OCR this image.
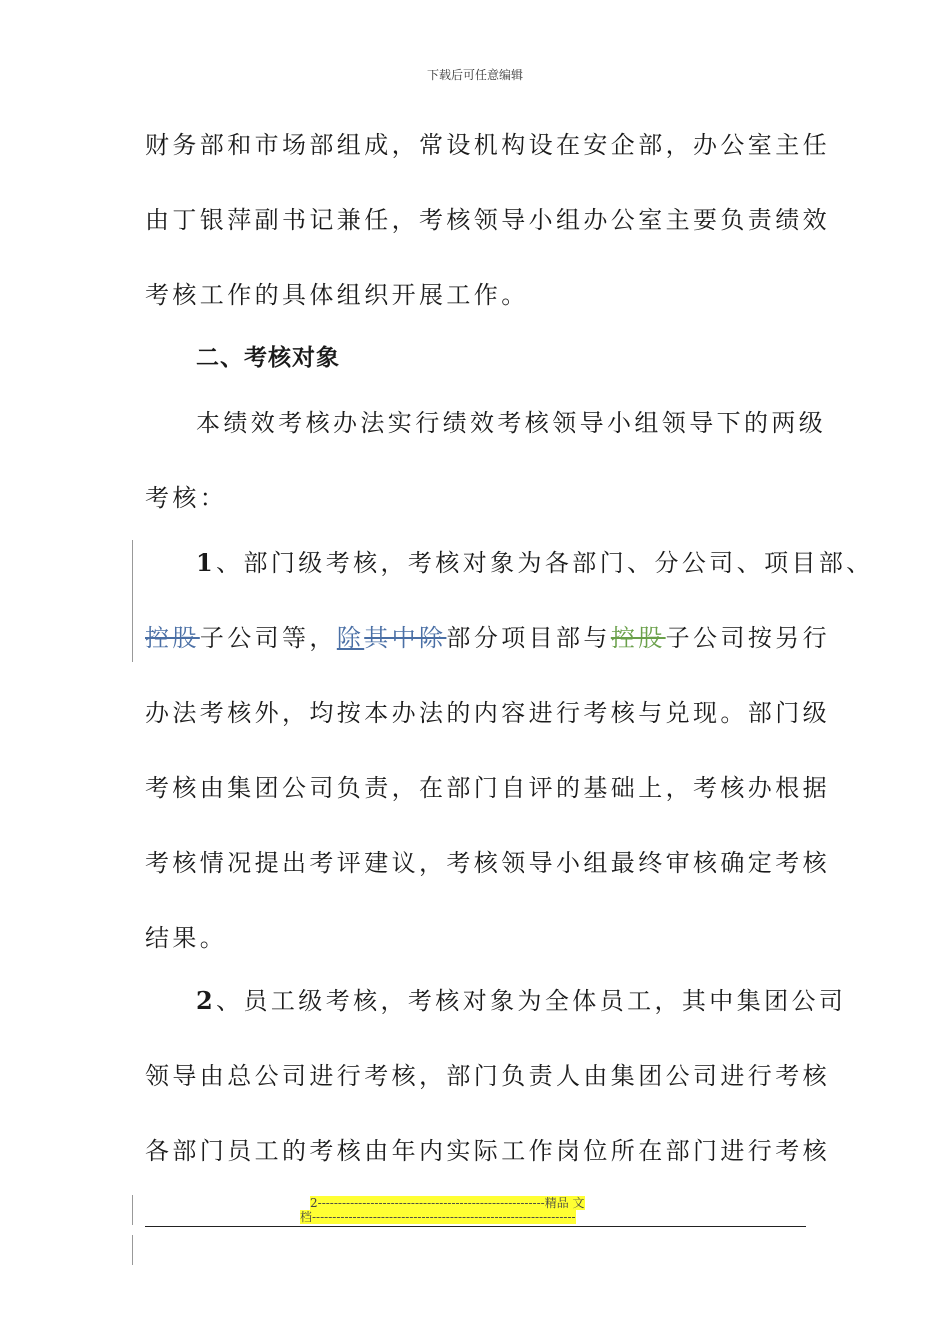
下载后可任意编辑
财务部和市场部组成，常设机构设在安企部，办公室主任
由丁银萍副书记兼任，考核领导小组办公室主要负责绩效
考核工作的具体组织开展工作。
二、考核对象
本绩效考核办法实行绩效考核领导小组领导下的两级
考核：
1、部门级考核，考核对象为各部门、分公司、项目部、
控股子公司等，除其中除部分项目部与控股子公司按另行
办法考核外，均按本办法的内容进行考核与兑现。部门级
考核由集团公司负责，在部门自评的基础上，考核办根据
考核情况提出考评建议，考核领导小组最终审核确定考核
结果。
2、员工级考核，考核对象为全体员工，其中集团公司
领导由总公司进行考核，部门负责人由集团公司进行考核
各部门员工的考核由年内实际工作岗位所在部门进行考核
2--------------------------------------------------------精品 文
档-----------------------------------------------------------------
